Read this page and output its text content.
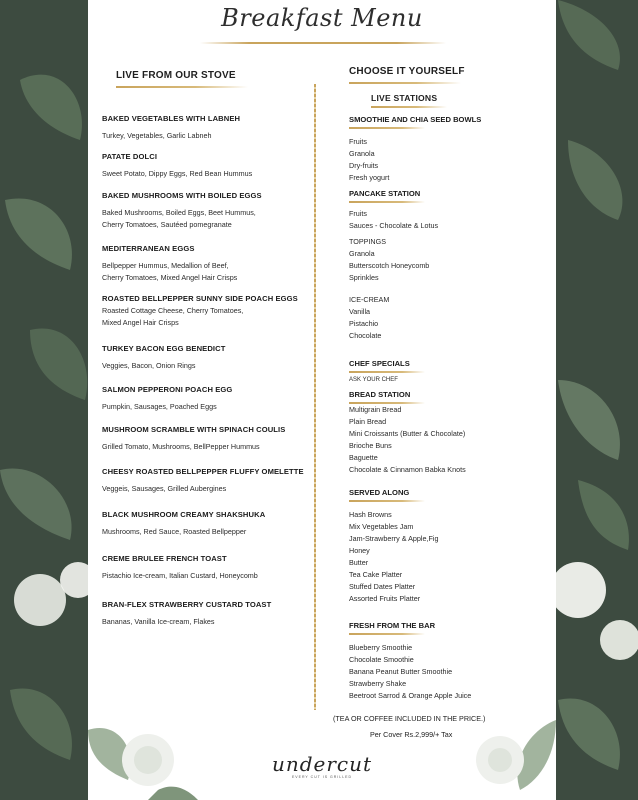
Breakfast Menu
LIVE FROM OUR STOVE
BAKED VEGETABLES WITH LABNEH
Turkey, Vegetables, Garlic Labneh
PATATE DOLCI
Sweet Potato, Dippy Eggs, Red Bean Hummus
BAKED MUSHROOMS WITH BOILED EGGS
Baked Mushrooms, Boiled Eggs, Beet Hummus,
Cherry Tomatoes, Sautéed pomegranate
MEDITERRANEAN EGGS
Bellpepper Hummus, Medallion of Beef,
Cherry Tomatoes, Mixed Angel Hair Crisps
ROASTED BELLPEPPER SUNNY SIDE POACH EGGS
Roasted Cottage Cheese, Cherry Tomatoes,
Mixed Angel Hair Crisps
TURKEY BACON EGG BENEDICT
Veggies, Bacon, Onion Rings
SALMON PEPPERONI POACH EGG
Pumpkin, Sausages, Poached Eggs
MUSHROOM SCRAMBLE WITH SPINACH COULIS
Grilled Tomato, Mushrooms, BellPepper Hummus
CHEESY ROASTED BELLPEPPER FLUFFY OMELETTE
Veggeis, Sausages, Grilled Aubergines
BLACK MUSHROOM CREAMY SHAKSHUKA
Mushrooms, Red Sauce, Roasted Bellpepper
CREME BRULEE FRENCH TOAST
Pistachio Ice-cream, Italian Custard, Honeycomb
BRAN-FLEX STRAWBERRY CUSTARD TOAST
Bananas, Vanilla Ice-cream, Flakes
CHOOSE IT YOURSELF
LIVE STATIONS
SMOOTHIE AND CHIA SEED BOWLS
Fruits
Granola
Dry-fruits
Fresh yogurt
PANCAKE STATION
Fruits
Sauces - Chocolate & Lotus
TOPPINGS
Granola
Butterscotch Honeycomb
Sprinkles
ICE-CREAM
Vanilla
Pistachio
Chocolate
CHEF SPECIALS
ASK YOUR CHEF
BREAD STATION
Multigrain Bread
Plain Bread
Mini Croissants (Butter & Chocolate)
Brioche Buns
Baguette
Chocolate & Cinnamon Babka Knots
SERVED ALONG
Hash Browns
Mix Vegetables Jam
Jam-Strawberry & Apple,Fig
Honey
Butter
Tea Cake Platter
Stuffed Dates Platter
Assorted Fruits Platter
FRESH FROM THE BAR
Blueberry Smoothie
Chocolate Smoothie
Banana Peanut Butter Smoothie
Strawberry Shake
Beetroot Sarrod & Orange Apple Juice
(TEA OR COFFEE INCLUDED IN THE PRICE.)
Per Cover Rs.2,999/+ Tax
undercut
EVERY CUT IS GRILLED
